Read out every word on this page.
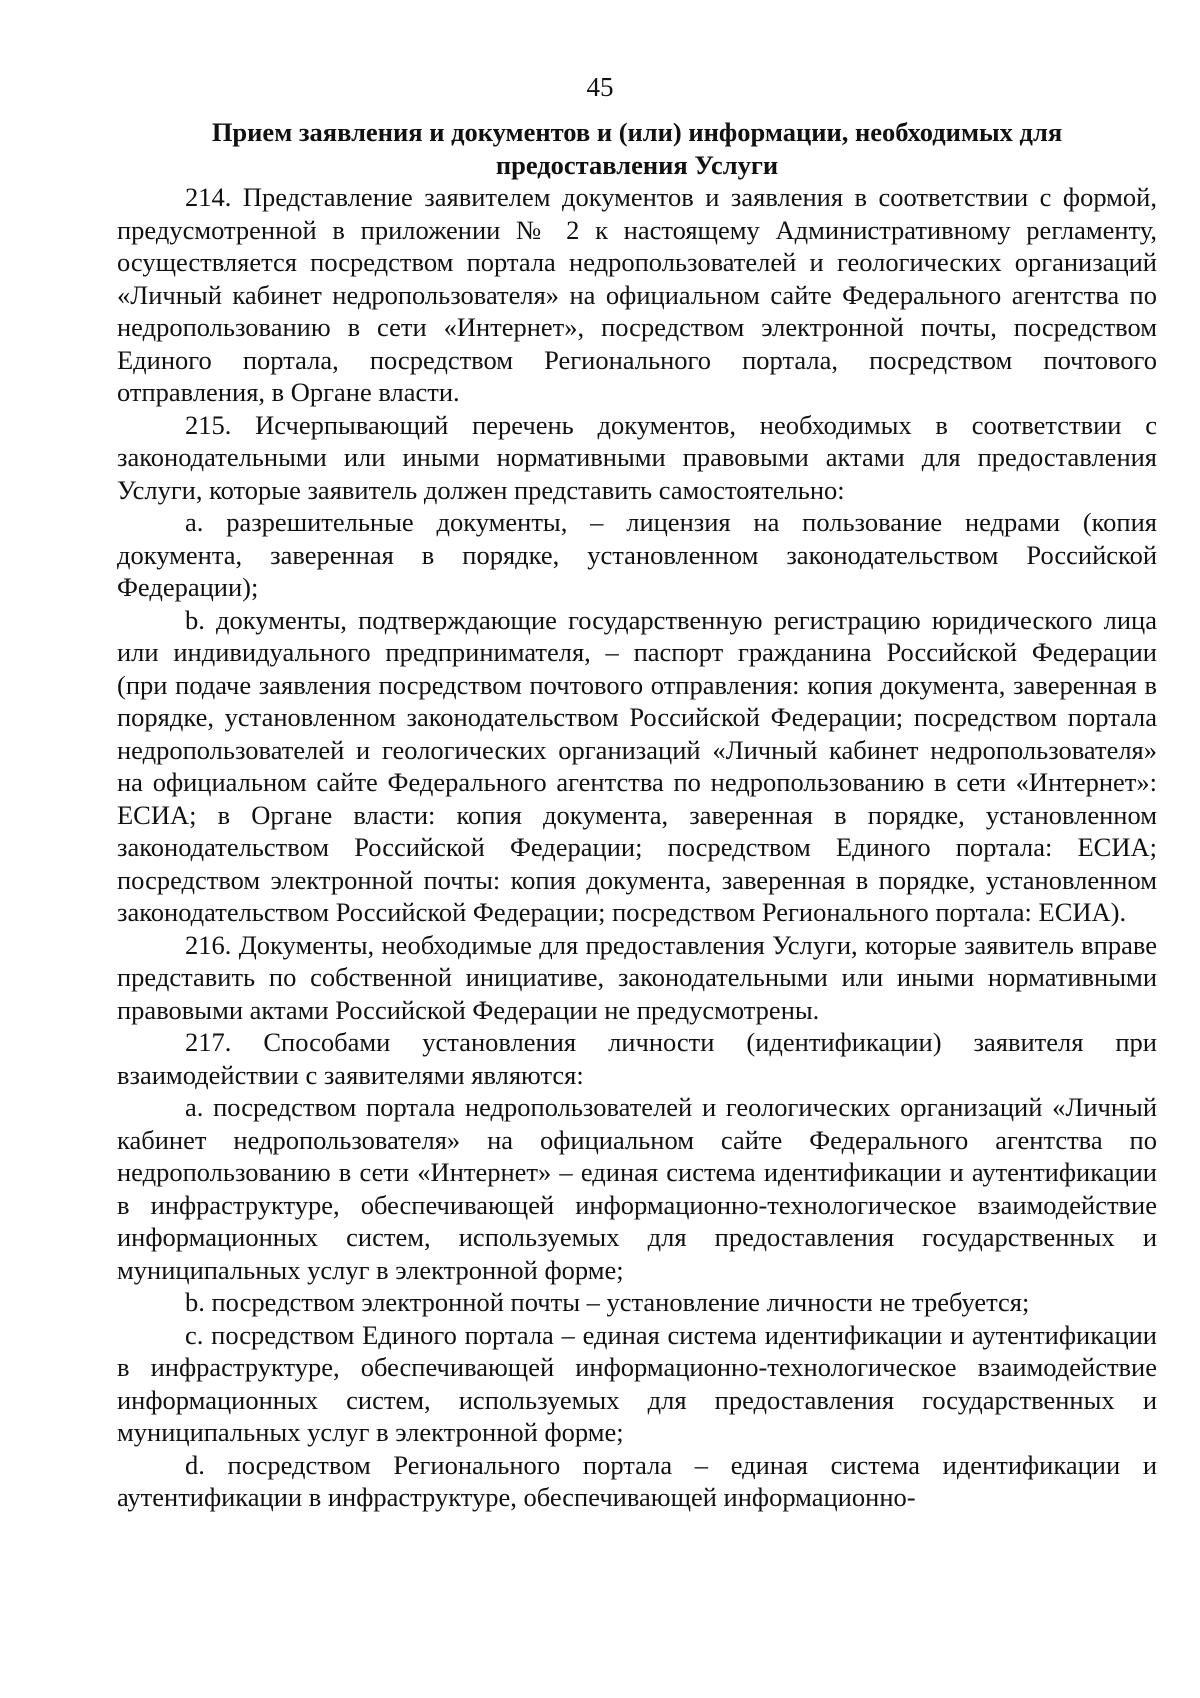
45

Прием заявления и документов и (или) информации, необходимых для предоставления Услуги

214. Представление заявителем документов и заявления в соответствии с формой, предусмотренной в приложении № 2 к настоящему Административному регламенту, осуществляется посредством портала недропользователей и геологических организаций «Личный кабинет недропользователя» на официальном сайте Федерального агентства по недропользованию в сети «Интернет», посредством электронной почты, посредством Единого портала, посредством Регионального портала, посредством почтового отправления, в Органе власти.

215. Исчерпывающий перечень документов, необходимых в соответствии с законодательными или иными нормативными правовыми актами для предоставления Услуги, которые заявитель должен представить самостоятельно:

a. разрешительные документы, – лицензия на пользование недрами (копия документа, заверенная в порядке, установленном законодательством Российской Федерации);

b. документы, подтверждающие государственную регистрацию юридического лица или индивидуального предпринимателя, – паспорт гражданина Российской Федерации (при подаче заявления посредством почтового отправления: копия документа, заверенная в порядке, установленном законодательством Российской Федерации; посредством портала недропользователей и геологических организаций «Личный кабинет недропользователя» на официальном сайте Федерального агентства по недропользованию в сети «Интернет»: ЕСИА; в Органе власти: копия документа, заверенная в порядке, установленном законодательством Российской Федерации; посредством Единого портала: ЕСИА; посредством электронной почты: копия документа, заверенная в порядке, установленном законодательством Российской Федерации; посредством Регионального портала: ЕСИА).

216. Документы, необходимые для предоставления Услуги, которые заявитель вправе представить по собственной инициативе, законодательными или иными нормативными правовыми актами Российской Федерации не предусмотрены.

217. Способами установления личности (идентификации) заявителя при взаимодействии с заявителями являются:

a. посредством портала недропользователей и геологических организаций «Личный кабинет недропользователя» на официальном сайте Федерального агентства по недропользованию в сети «Интернет» – единая система идентификации и аутентификации в инфраструктуре, обеспечивающей информационно-технологическое взаимодействие информационных систем, используемых для предоставления государственных и муниципальных услуг в электронной форме;

b. посредством электронной почты – установление личности не требуется;

c. посредством Единого портала – единая система идентификации и аутентификации в инфраструктуре, обеспечивающей информационно-технологическое взаимодействие информационных систем, используемых для предоставления государственных и муниципальных услуг в электронной форме;

d. посредством Регионального портала – единая система идентификации и аутентификации в инфраструктуре, обеспечивающей информационно-
